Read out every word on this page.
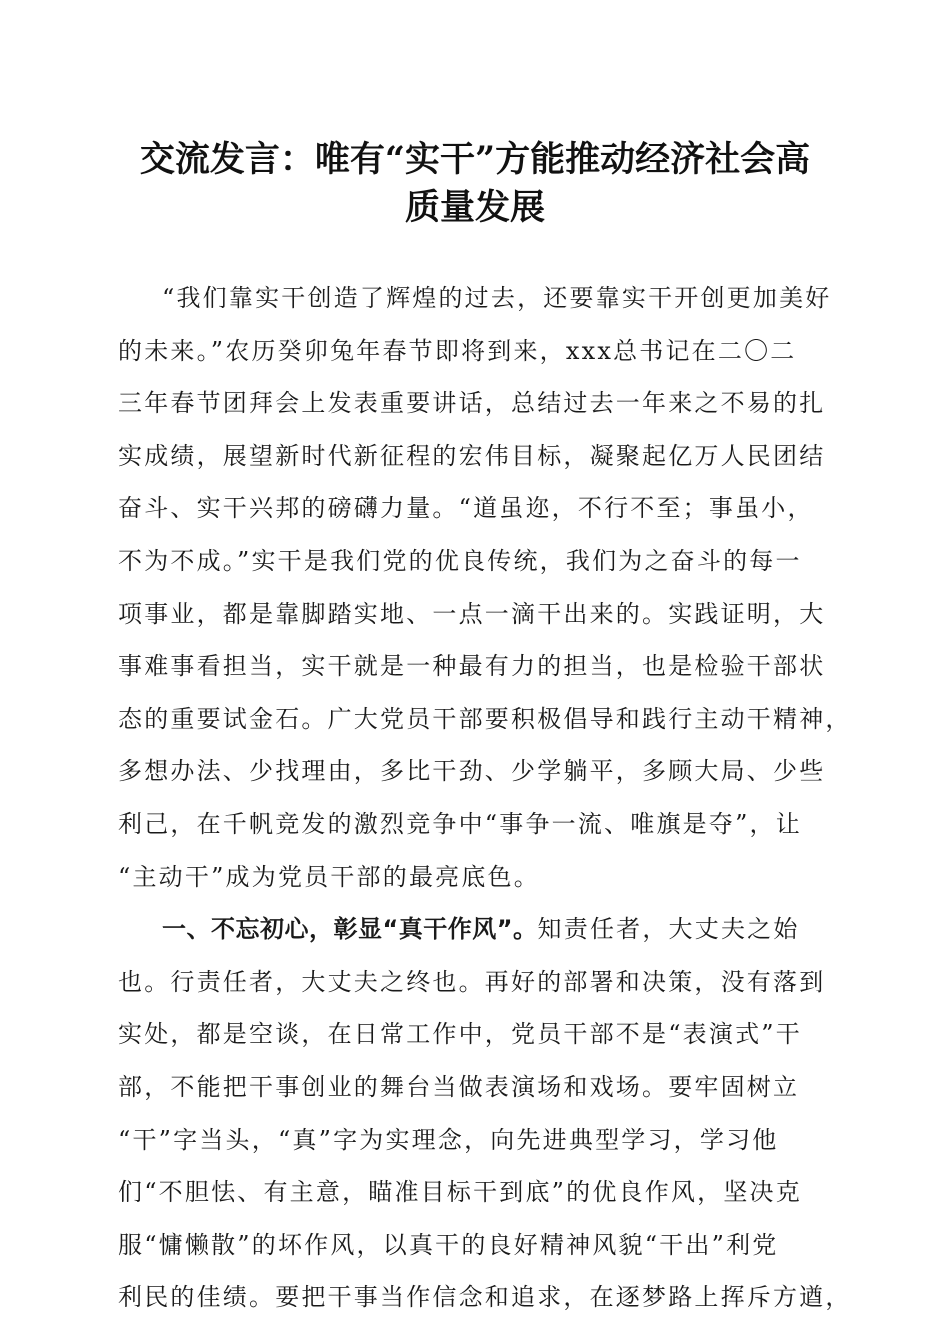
交流发言：唯有“实干”方能推动经济社会高
质量发展

“我们靠实干创造了辉煌的过去，还要靠实干开创更加美好
的未来。”农历癸卯兔年春节即将到来，xxx总书记在二〇二
三年春节团拜会上发表重要讲话，总结过去一年来之不易的扎
实成绩，展望新时代新征程的宏伟目标，凝聚起亿万人民团结
奋斗、实干兴邦的磅礴力量。“道虽迩，不行不至；事虽小，
不为不成。”实干是我们党的优良传统，我们为之奋斗的每一
项事业，都是靠脚踏实地、一点一滴干出来的。实践证明，大
事难事看担当，实干就是一种最有力的担当，也是检验干部状
态的重要试金石。广大党员干部要积极倡导和践行主动干精神，
多想办法、少找理由，多比干劲、少学躺平，多顾大局、少些
利己，在千帆竞发的激烈竞争中“事争一流、唯旗是夺”，让
“主动干”成为党员干部的最亮底色。

一、不忘初心，彰显“真干作风”。知责任者，大丈夫之始
也。行责任者，大丈夫之终也。再好的部署和决策，没有落到
实处，都是空谈，在日常工作中，党员干部不是“表演式”干
部，不能把干事创业的舞台当做表演场和戏场。要牢固树立
“干”字当头，“真”字为实理念，向先进典型学习，学习他
们“不胆怯、有主意，瞄准目标干到底”的优良作风，坚决克
服“慵懒散”的坏作风，以真干的良好精神风貌“干出”利党
利民的佳绩。要把干事当作信念和追求，在逐梦路上挥斥方遒，
